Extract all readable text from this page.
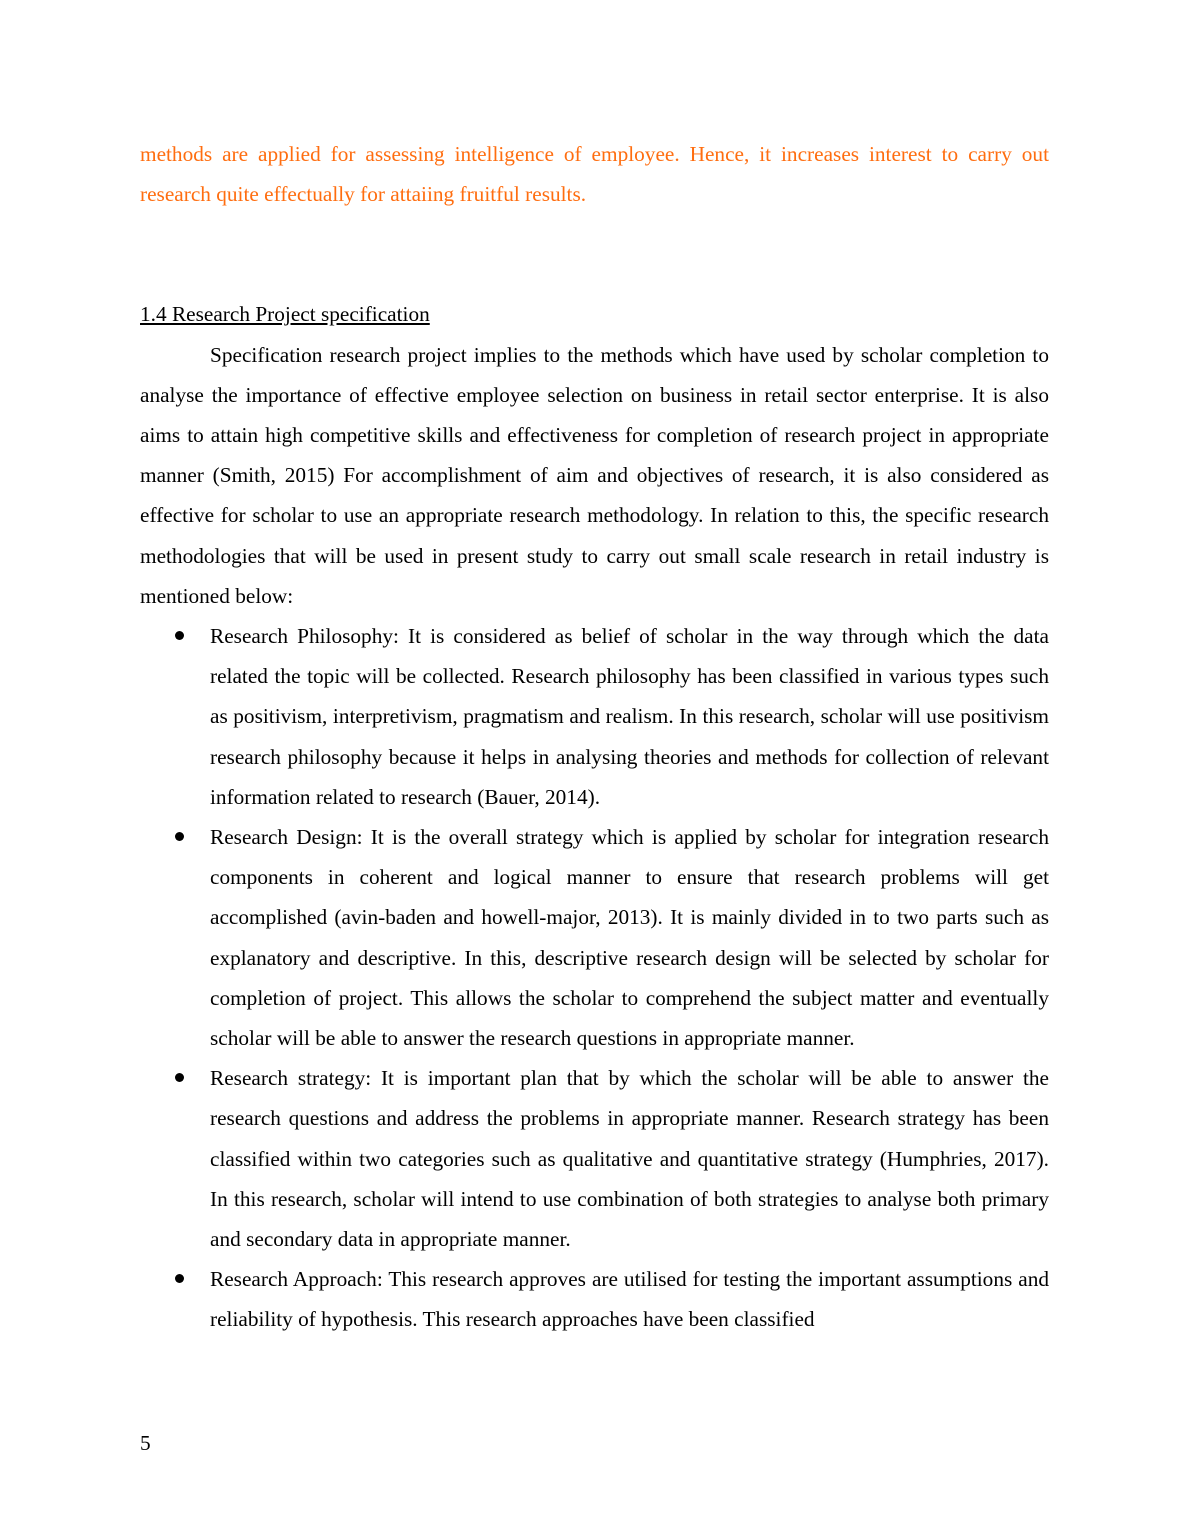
methods are applied for assessing intelligence of employee. Hence, it increases interest to carry out research quite effectually for attaiing fruitful results.

1.4 Research Project specification

Specification research project implies to the methods which have used by scholar completion to analyse the importance of effective employee selection on business in retail sector enterprise. It is also aims to attain high competitive skills and effectiveness for completion of research project in appropriate manner (Smith, 2015) For accomplishment of aim and objectives of research, it is also considered as effective for scholar to use an appropriate research methodology. In relation to this, the specific research methodologies that will be used in present study to carry out small scale research in retail industry is mentioned below:

Research Philosophy: It is considered as belief of scholar in the way through which the data related the topic will be collected. Research philosophy has been classified in various types such as positivism, interpretivism, pragmatism and realism. In this research, scholar will use positivism research philosophy because it helps in analysing theories and methods for collection of relevant information related to research (Bauer, 2014).
Research Design: It is the overall strategy which is applied by scholar for integration research components in coherent and logical manner to ensure that research problems will get accomplished (avin-baden and howell-major, 2013). It is mainly divided in to two parts such as explanatory and descriptive. In this, descriptive research design will be selected by scholar for completion of project. This allows the scholar to comprehend the subject matter and eventually scholar will be able to answer the research questions in appropriate manner.
Research strategy: It is important plan that by which the scholar will be able to answer the research questions and address the problems in appropriate manner. Research strategy has been classified within two categories such as qualitative and quantitative strategy (Humphries, 2017). In this research, scholar will intend to use combination of both strategies to analyse both primary and secondary data in appropriate manner.
Research Approach: This research approves are utilised for testing the important assumptions and reliability of hypothesis. This research approaches have been classified
5
